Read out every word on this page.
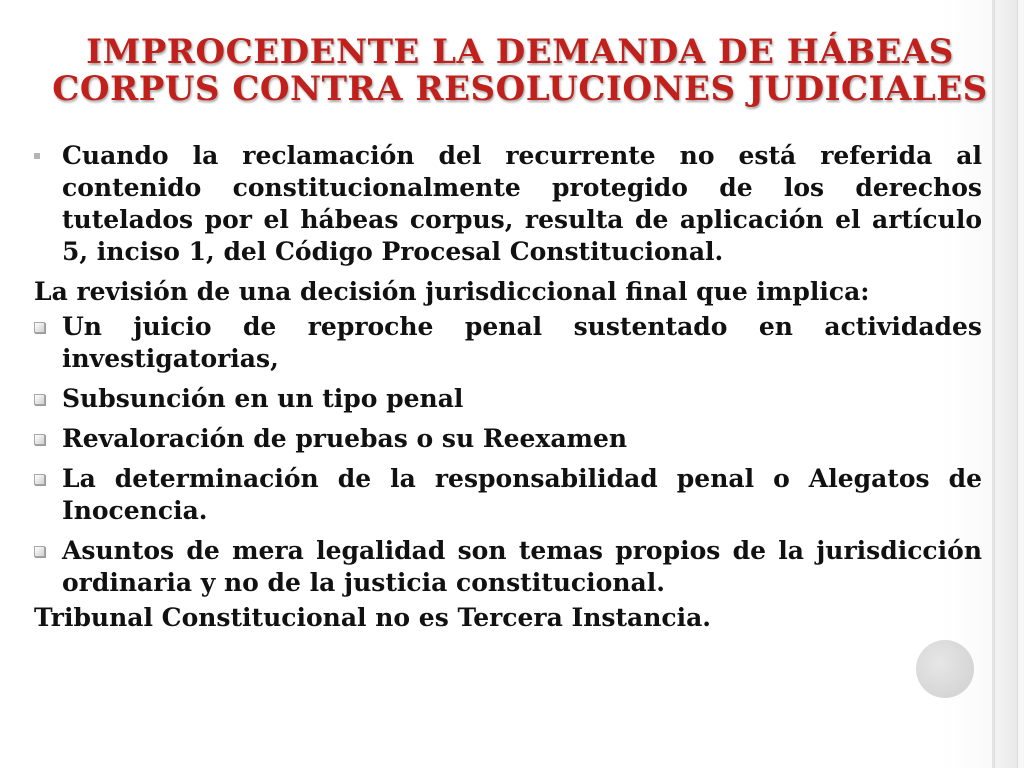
IMPROCEDENTE LA DEMANDA DE HÁBEAS
CORPUS CONTRA RESOLUCIONES JUDICIALES
Cuando la reclamación del recurrente no está referida al contenido constitucionalmente protegido de los derechos tutelados por el hábeas corpus, resulta de aplicación el artículo 5, inciso 1, del Código Procesal Constitucional.
La revisión de una decisión jurisdiccional final que implica:
Un juicio de reproche penal sustentado en actividades investigatorias,
Subsunción en un tipo penal
Revaloración de pruebas o su Reexamen
La determinación de la responsabilidad penal o Alegatos de Inocencia.
Asuntos de mera legalidad son temas propios de la jurisdicción ordinaria y no de la justicia constitucional.
Tribunal Constitucional no es Tercera Instancia.
